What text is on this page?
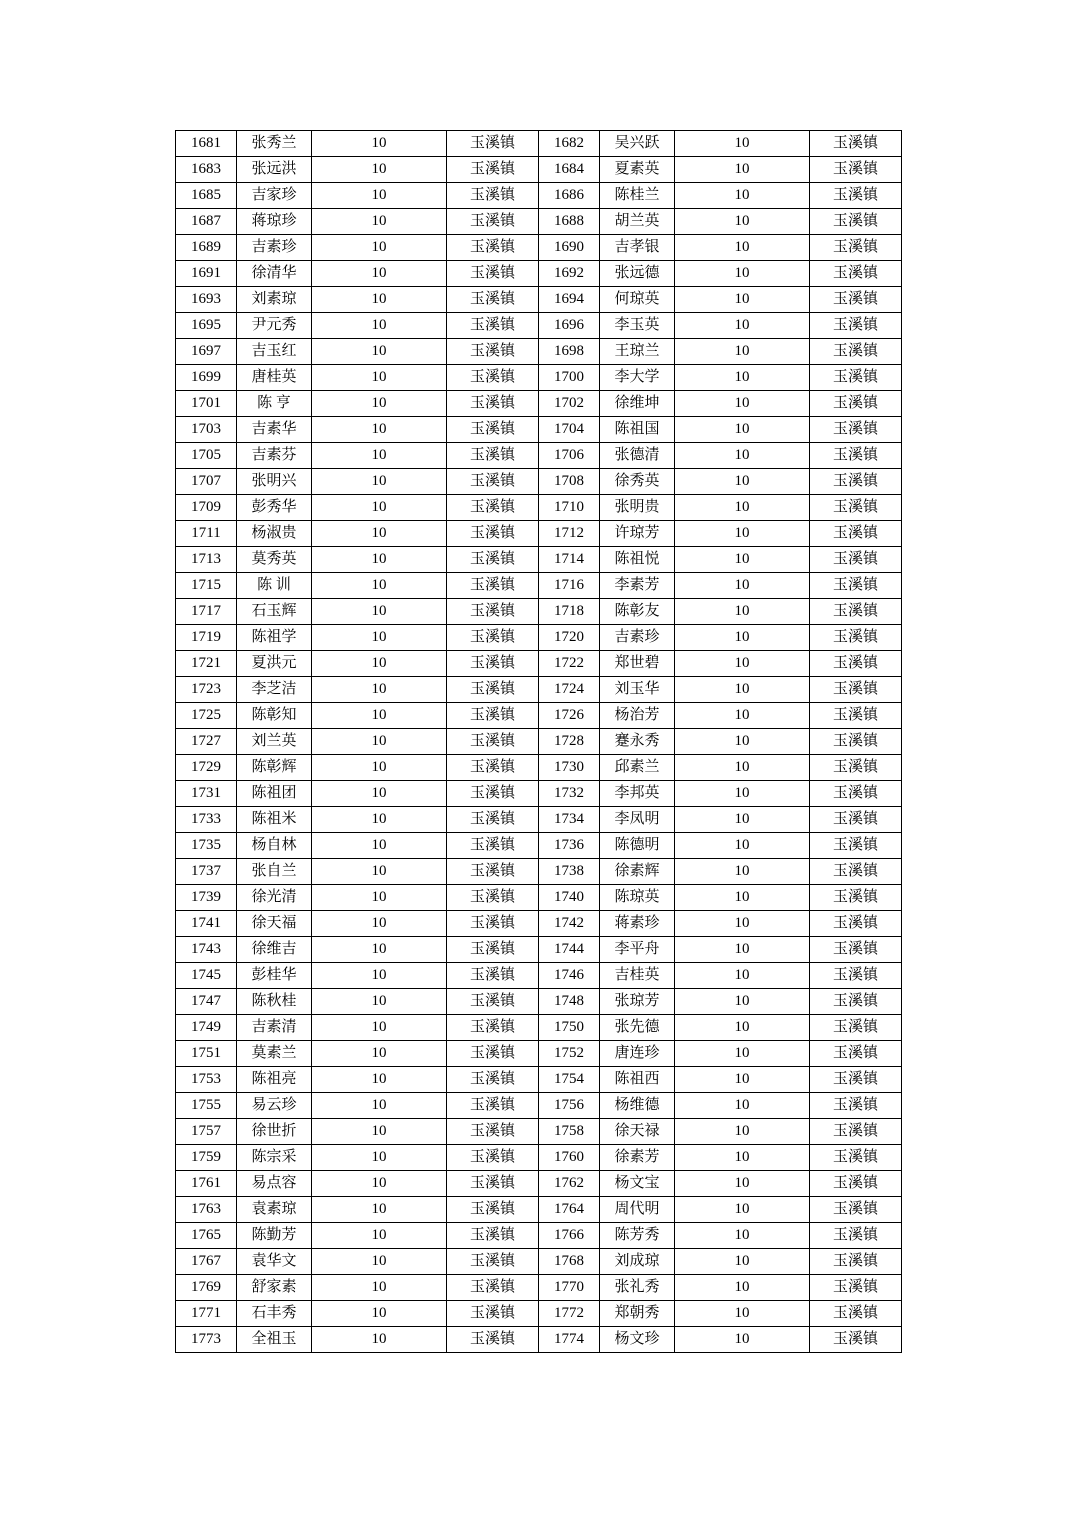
1681	张秀兰	10	玉溪镇	1682	吴兴跃	10	玉溪镇
1683	张远洪	10	玉溪镇	1684	夏素英	10	玉溪镇
1685	吉家珍	10	玉溪镇	1686	陈桂兰	10	玉溪镇
1687	蒋琼珍	10	玉溪镇	1688	胡兰英	10	玉溪镇
1689	吉素珍	10	玉溪镇	1690	吉孝银	10	玉溪镇
1691	徐清华	10	玉溪镇	1692	张远德	10	玉溪镇
1693	刘素琼	10	玉溪镇	1694	何琼英	10	玉溪镇
1695	尹元秀	10	玉溪镇	1696	李玉英	10	玉溪镇
1697	吉玉红	10	玉溪镇	1698	王琼兰	10	玉溪镇
1699	唐桂英	10	玉溪镇	1700	李大学	10	玉溪镇
1701	陈 亨	10	玉溪镇	1702	徐维坤	10	玉溪镇
1703	吉素华	10	玉溪镇	1704	陈祖国	10	玉溪镇
1705	吉素芬	10	玉溪镇	1706	张德清	10	玉溪镇
1707	张明兴	10	玉溪镇	1708	徐秀英	10	玉溪镇
1709	彭秀华	10	玉溪镇	1710	张明贵	10	玉溪镇
1711	杨淑贵	10	玉溪镇	1712	许琼芳	10	玉溪镇
1713	莫秀英	10	玉溪镇	1714	陈祖悦	10	玉溪镇
1715	陈 训	10	玉溪镇	1716	李素芳	10	玉溪镇
1717	石玉辉	10	玉溪镇	1718	陈彰友	10	玉溪镇
1719	陈祖学	10	玉溪镇	1720	吉素珍	10	玉溪镇
1721	夏洪元	10	玉溪镇	1722	郑世碧	10	玉溪镇
1723	李芝洁	10	玉溪镇	1724	刘玉华	10	玉溪镇
1725	陈彰知	10	玉溪镇	1726	杨治芳	10	玉溪镇
1727	刘兰英	10	玉溪镇	1728	蹇永秀	10	玉溪镇
1729	陈彰辉	10	玉溪镇	1730	邱素兰	10	玉溪镇
1731	陈祖团	10	玉溪镇	1732	李邦英	10	玉溪镇
1733	陈祖米	10	玉溪镇	1734	李凤明	10	玉溪镇
1735	杨自林	10	玉溪镇	1736	陈德明	10	玉溪镇
1737	张自兰	10	玉溪镇	1738	徐素辉	10	玉溪镇
1739	徐光清	10	玉溪镇	1740	陈琼英	10	玉溪镇
1741	徐天福	10	玉溪镇	1742	蒋素珍	10	玉溪镇
1743	徐维吉	10	玉溪镇	1744	李平舟	10	玉溪镇
1745	彭桂华	10	玉溪镇	1746	吉桂英	10	玉溪镇
1747	陈秋桂	10	玉溪镇	1748	张琼芳	10	玉溪镇
1749	吉素清	10	玉溪镇	1750	张先德	10	玉溪镇
1751	莫素兰	10	玉溪镇	1752	唐连珍	10	玉溪镇
1753	陈祖亮	10	玉溪镇	1754	陈祖西	10	玉溪镇
1755	易云珍	10	玉溪镇	1756	杨维德	10	玉溪镇
1757	徐世折	10	玉溪镇	1758	徐天禄	10	玉溪镇
1759	陈宗采	10	玉溪镇	1760	徐素芳	10	玉溪镇
1761	易点容	10	玉溪镇	1762	杨文宝	10	玉溪镇
1763	袁素琼	10	玉溪镇	1764	周代明	10	玉溪镇
1765	陈勤芳	10	玉溪镇	1766	陈芳秀	10	玉溪镇
1767	袁华文	10	玉溪镇	1768	刘成琼	10	玉溪镇
1769	舒家素	10	玉溪镇	1770	张礼秀	10	玉溪镇
1771	石丰秀	10	玉溪镇	1772	郑朝秀	10	玉溪镇
1773	全祖玉	10	玉溪镇	1774	杨文珍	10	玉溪镇
